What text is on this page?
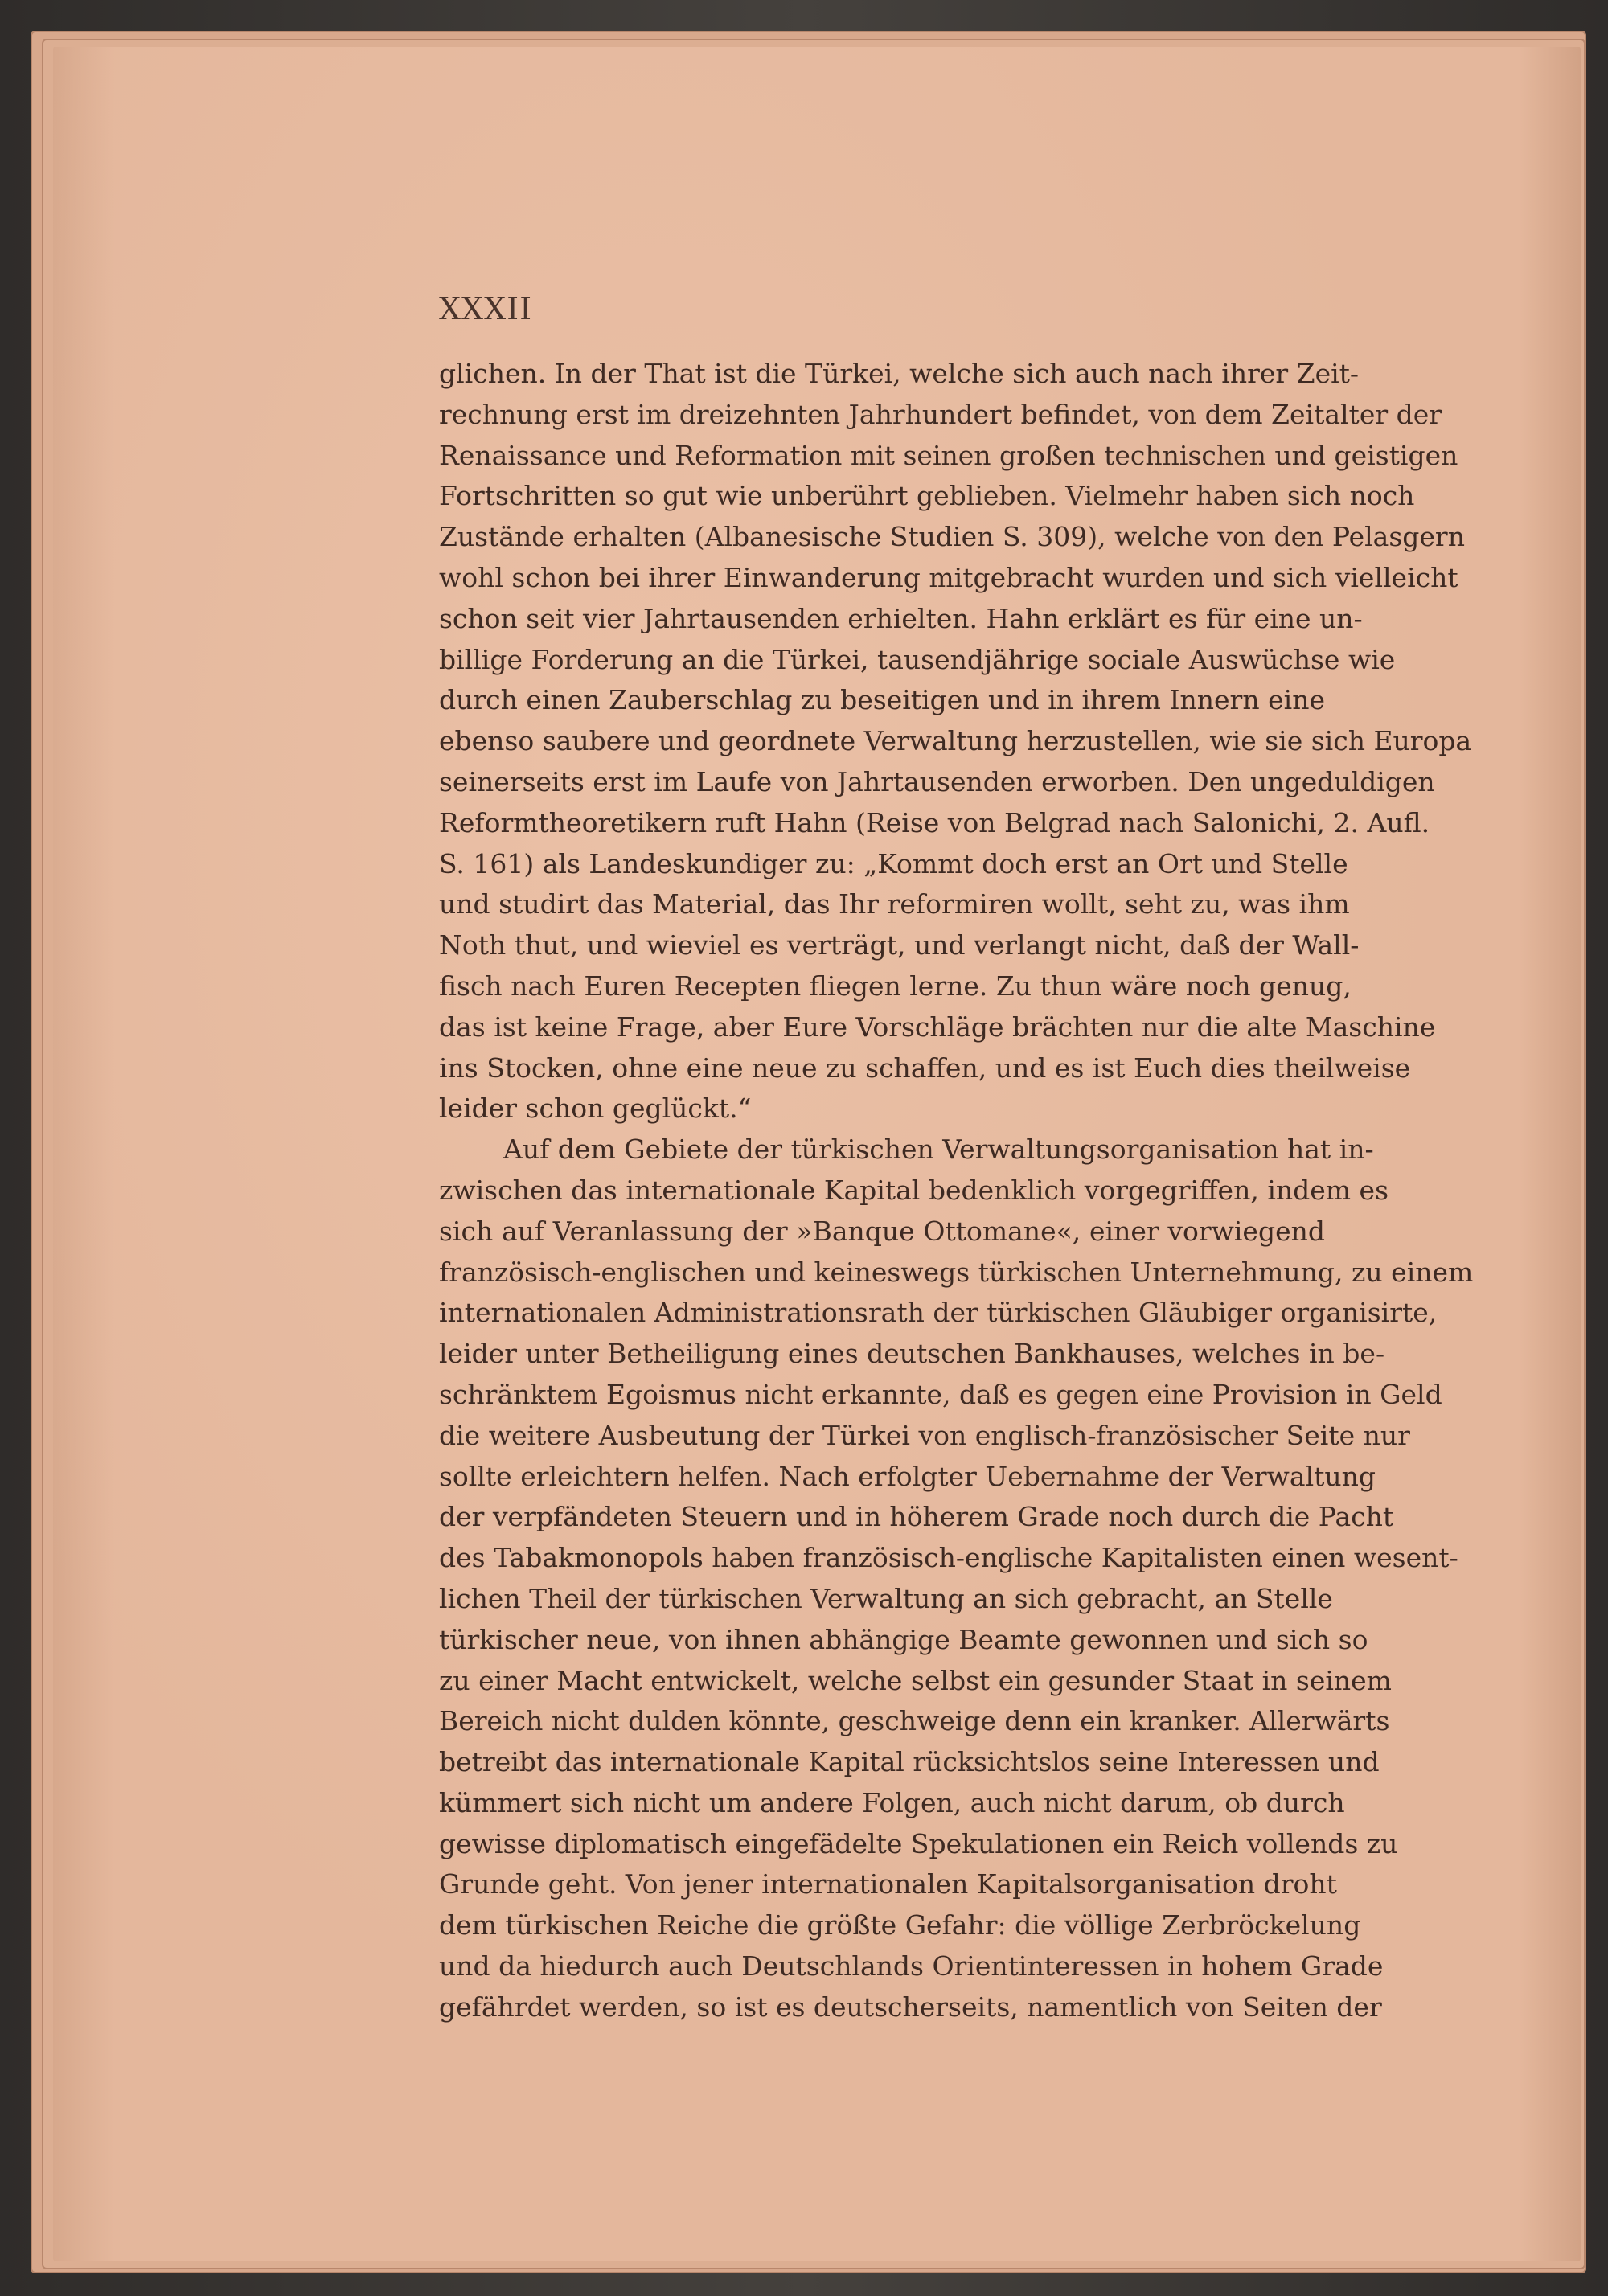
XXXII
glichen. In der That ist die Türkei, welche sich auch nach ihrer Zeit-
rechnung erst im dreizehnten Jahrhundert befindet, von dem Zeitalter der
Renaissance und Reformation mit seinen großen technischen und geistigen
Fortschritten so gut wie unberührt geblieben. Vielmehr haben sich noch
Zustände erhalten (Albanesische Studien S. 309), welche von den Pelasgern
wohl schon bei ihrer Einwanderung mitgebracht wurden und sich vielleicht
schon seit vier Jahrtausenden erhielten. Hahn erklärt es für eine un-
billige Forderung an die Türkei, tausendjährige sociale Auswüchse wie
durch einen Zauberschlag zu beseitigen und in ihrem Innern eine
ebenso saubere und geordnete Verwaltung herzustellen, wie sie sich Europa
seinerseits erst im Laufe von Jahrtausenden erworben. Den ungeduldigen
Reformtheoretikern ruft Hahn (Reise von Belgrad nach Salonichi, 2. Aufl.
S. 161) als Landeskundiger zu: „Kommt doch erst an Ort und Stelle
und studirt das Material, das Ihr reformiren wollt, seht zu, was ihm
Noth thut, und wieviel es verträgt, und verlangt nicht, daß der Wall-
fisch nach Euren Recepten fliegen lerne. Zu thun wäre noch genug,
das ist keine Frage, aber Eure Vorschläge brächten nur die alte Maschine
ins Stocken, ohne eine neue zu schaffen, und es ist Euch dies theilweise
leider schon geglückt.“
Auf dem Gebiete der türkischen Verwaltungsorganisation hat in-
zwischen das internationale Kapital bedenklich vorgegriffen, indem es
sich auf Veranlassung der »Banque Ottomane«, einer vorwiegend
französisch-englischen und keineswegs türkischen Unternehmung, zu einem
internationalen Administrationsrath der türkischen Gläubiger organisirte,
leider unter Betheiligung eines deutschen Bankhauses, welches in be-
schränktem Egoismus nicht erkannte, daß es gegen eine Provision in Geld
die weitere Ausbeutung der Türkei von englisch-französischer Seite nur
sollte erleichtern helfen. Nach erfolgter Uebernahme der Verwaltung
der verpfändeten Steuern und in höherem Grade noch durch die Pacht
des Tabakmonopols haben französisch-englische Kapitalisten einen wesent-
lichen Theil der türkischen Verwaltung an sich gebracht, an Stelle
türkischer neue, von ihnen abhängige Beamte gewonnen und sich so
zu einer Macht entwickelt, welche selbst ein gesunder Staat in seinem
Bereich nicht dulden könnte, geschweige denn ein kranker. Allerwärts
betreibt das internationale Kapital rücksichtslos seine Interessen und
kümmert sich nicht um andere Folgen, auch nicht darum, ob durch
gewisse diplomatisch eingefädelte Spekulationen ein Reich vollends zu
Grunde geht. Von jener internationalen Kapitalsorganisation droht
dem türkischen Reiche die größte Gefahr: die völlige Zerbröckelung
und da hiedurch auch Deutschlands Orientinteressen in hohem Grade
gefährdet werden, so ist es deutscherseits, namentlich von Seiten der
